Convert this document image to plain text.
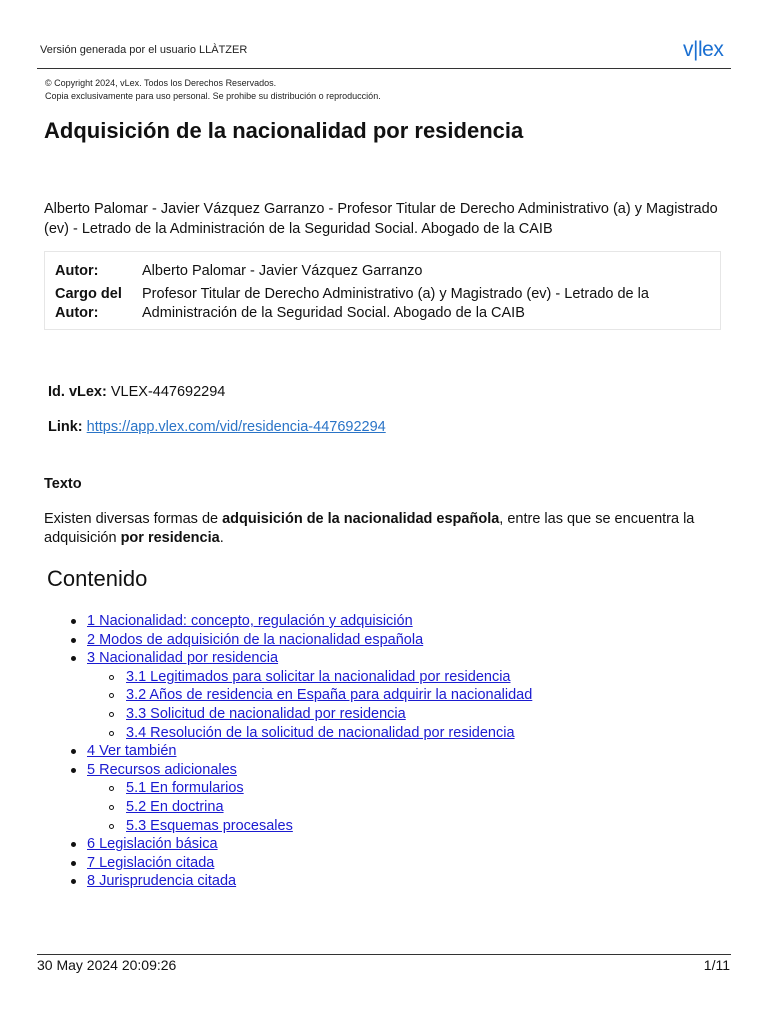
Versión generada por el usuario LLÀTZER	v|lex
© Copyright 2024, vLex. Todos los Derechos Reservados.
Copia exclusivamente para uso personal. Se prohibe su distribución o reproducción.
Adquisición de la nacionalidad por residencia

Alberto Palomar - Javier Vázquez Garranzo - Profesor Titular de Derecho Administrativo (a) y Magistrado (ev) - Letrado de la Administración de la Seguridad Social. Abogado de la CAIB

Autor:	Alberto Palomar - Javier Vázquez Garranzo
Cargo del Autor:
Profesor Titular de Derecho Administrativo (a) y Magistrado (ev) - Letrado de la Administración de la Seguridad Social. Abogado de la CAIB
Id. vLex: VLEX-447692294
Link: https://app.vlex.com/vid/residencia-447692294
Texto

Existen diversas formas de adquisición de la nacionalidad española, entre las que se encuentra la adquisición por residencia.

Contenido
1 Nacionalidad: concepto, regulación y adquisición
2 Modos de adquisición de la nacionalidad española
3 Nacionalidad por residencia
3.1 Legitimados para solicitar la nacionalidad por residencia
3.2 Años de residencia en España para adquirir la nacionalidad
3.3 Solicitud de nacionalidad por residencia
3.4 Resolución de la solicitud de nacionalidad por residencia
4 Ver también
5 Recursos adicionales
5.1 En formularios
5.2 En doctrina
5.3 Esquemas procesales
6 Legislación básica
7 Legislación citada
8 Jurisprudencia citada
30 May 2024 20:09:26	1/11
